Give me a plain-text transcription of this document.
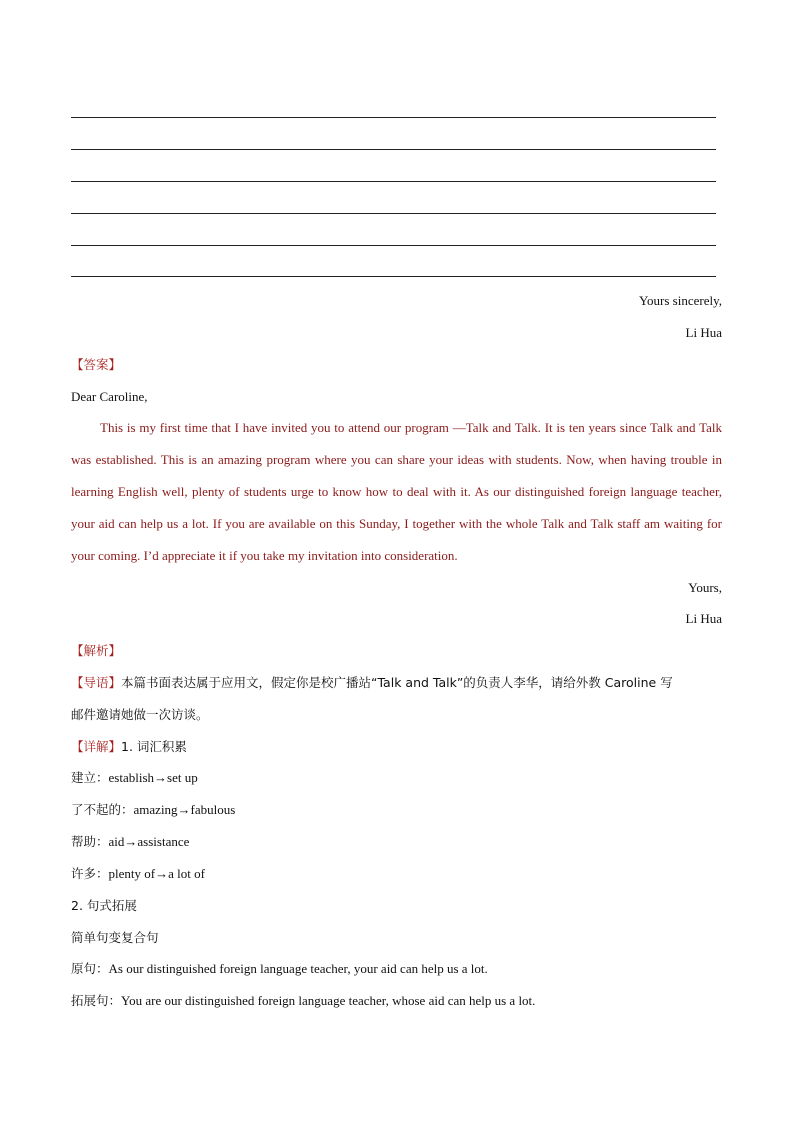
Yours sincerely,
Li Hua
【答案】
Dear Caroline,
This is my first time that I have invited you to attend our program —Talk and Talk. It is ten years since Talk and Talk was established. This is an amazing program where you can share your ideas with students. Now, when having trouble in learning English well, plenty of students urge to know how to deal with it. As our distinguished foreign language teacher, your aid can help us a lot. If you are available on this Sunday, I together with the whole Talk and Talk staff am waiting for your coming. I’d appreciate it if you take my invitation into consideration.
Yours,
Li Hua
【解析】
【导语】本篇书面表达属于应用文，假定你是校广播站“Talk and Talk”的负责人李华，请给外教 Caroline 写
邮件邀请她做一次访谈。
【详解】1. 词汇积累
建立：establish→set up
了不起的：amazing→fabulous
帮助：aid→assistance
许多：plenty of→a lot of
2. 句式拓展
简单句变复合句
原句：As our distinguished foreign language teacher, your aid can help us a lot.
拓展句：You are our distinguished foreign language teacher, whose aid can help us a lot.
